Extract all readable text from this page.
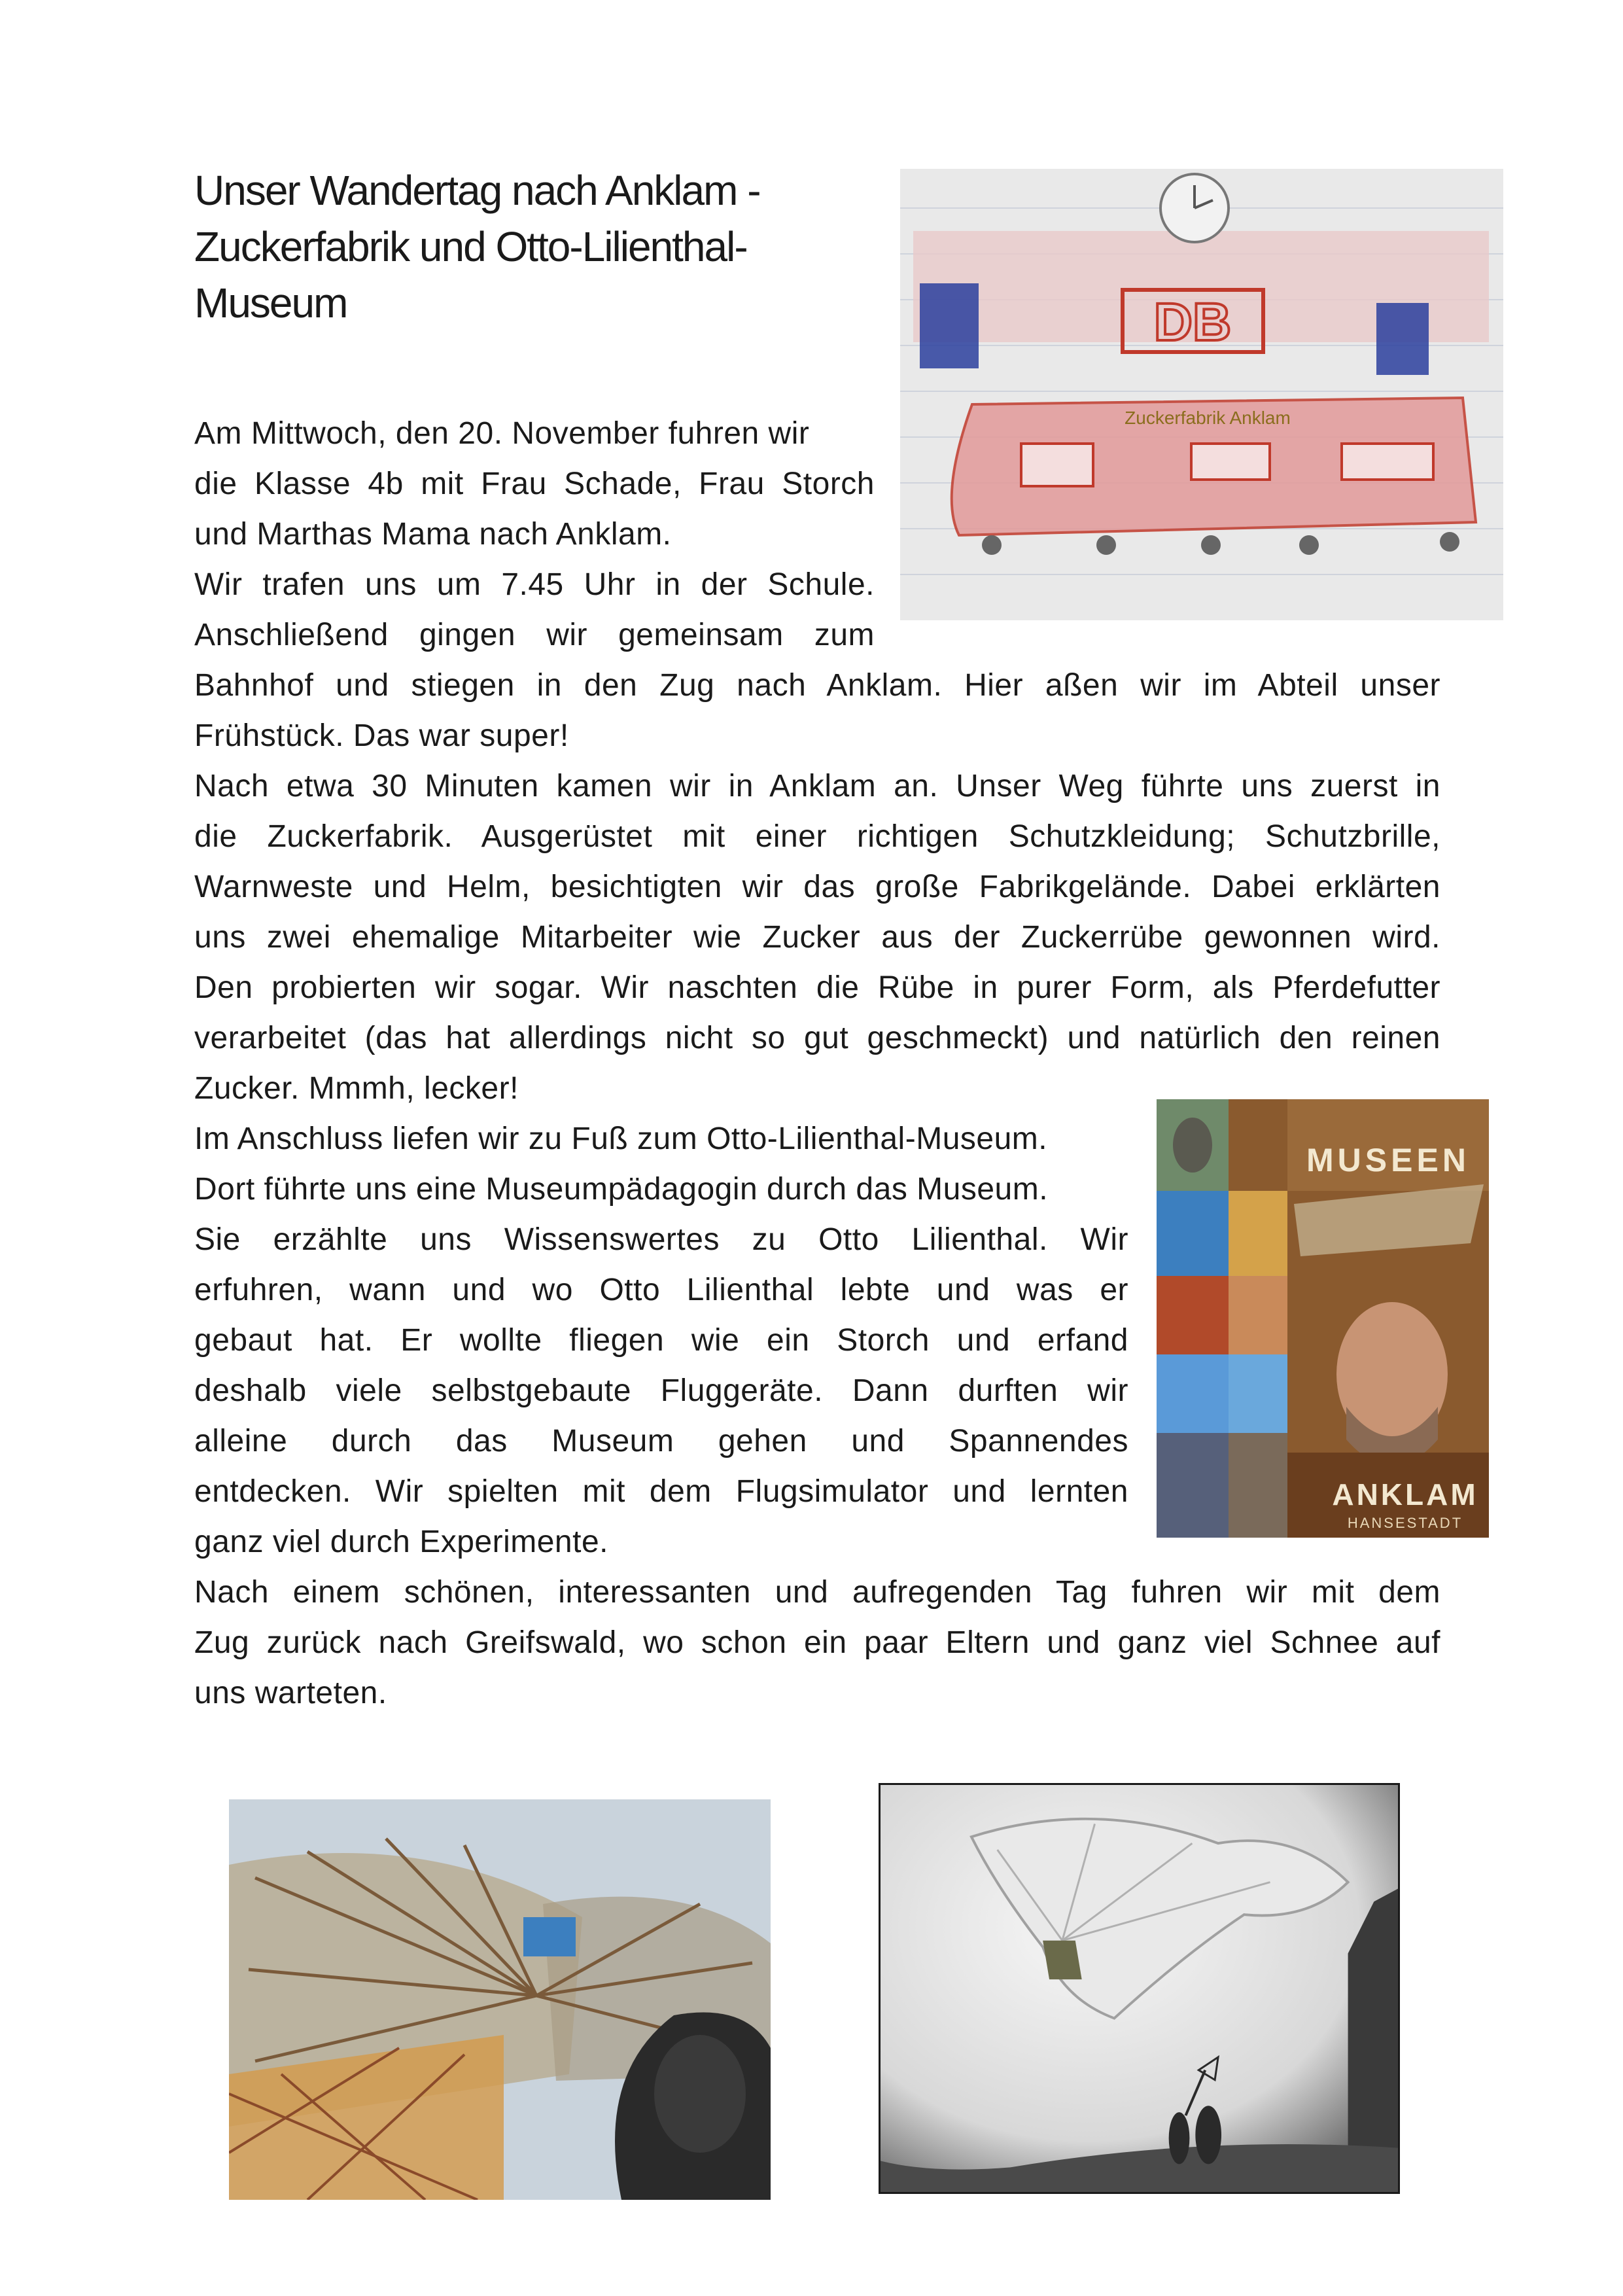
Unser Wandertag nach Anklam -
Zuckerfabrik und Otto-Lilienthal-
Museum	DB
Zuckerfabrik Anklam
Am Mittwoch, den 20. November fuhren wir
die Klasse 4b mit Frau Schade, Frau Storch
und Marthas Mama nach Anklam.
Wir trafen uns um 7.45 Uhr in der Schule.
Anschließend gingen wir gemeinsam zum
Bahnhof und stiegen in den Zug nach Anklam. Hier aßen wir im Abteil unser
Frühstück. Das war super!
Nach etwa 30 Minuten kamen wir in Anklam an. Unser Weg führte uns zuerst in
die Zuckerfabrik. Ausgerüstet mit einer richtigen Schutzkleidung; Schutzbrille,
Warnweste und Helm, besichtigten wir das große Fabrikgelände. Dabei erklärten
uns zwei ehemalige Mitarbeiter wie Zucker aus der Zuckerrübe gewonnen wird.
Den probierten wir sogar. Wir naschten die Rübe in purer Form, als Pferdefutter
verarbeitet (das hat allerdings nicht so gut geschmeckt) und natürlich den reinen
Zucker. Mmmh, lecker!
Im Anschluss liefen wir zu Fuß zum Otto-Lilienthal-Museum.
Dort führte uns eine Museumpädagogin durch das Museum.
Sie erzählte uns Wissenswertes zu Otto Lilienthal. Wir
erfuhren, wann und wo Otto Lilienthal lebte und was er
gebaut hat. Er wollte fliegen wie ein Storch und erfand
deshalb viele selbstgebaute Fluggeräte. Dann durften wir
alleine durch das Museum gehen und Spannendes
entdecken. Wir spielten mit dem Flugsimulator und lernten
ganz viel durch Experimente.
MUSEEN
ANKLAM
HANSESTADT
Nach einem schönen, interessanten und aufregenden Tag fuhren wir mit dem
Zug zurück nach Greifswald, wo schon ein paar Eltern und ganz viel Schnee auf
uns warteten.
